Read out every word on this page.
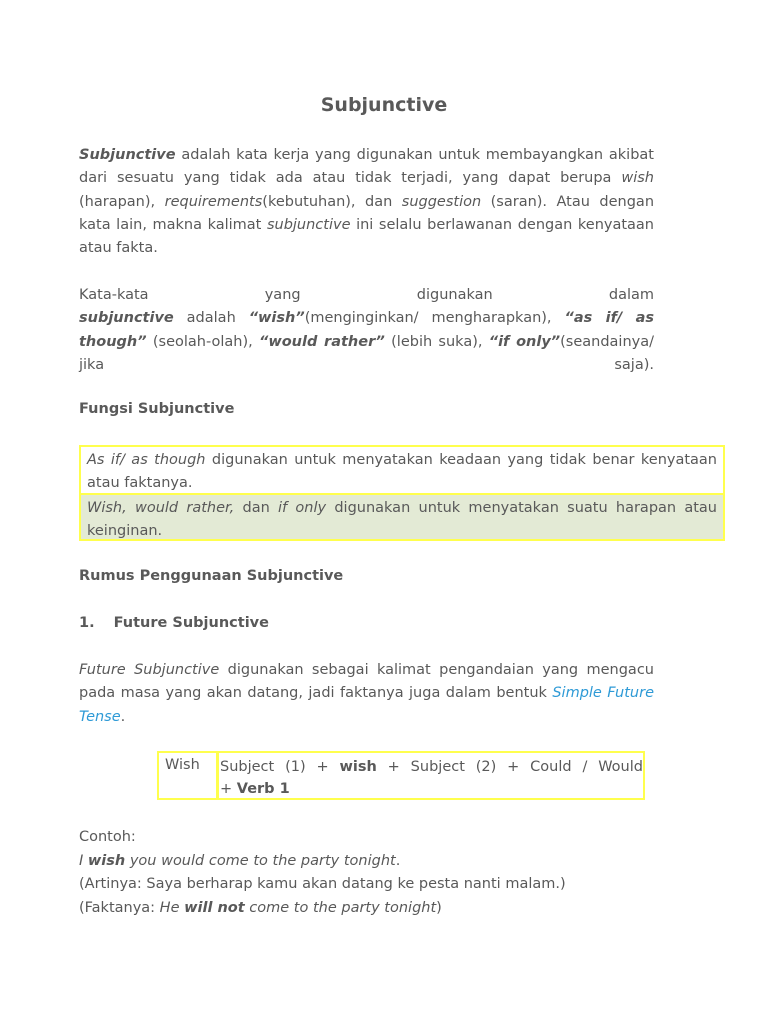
Subjunctive

Subjunctive adalah kata kerja yang digunakan untuk membayangkan akibat dari sesuatu yang tidak ada atau tidak terjadi, yang dapat berupa wish (harapan), requirements(kebutuhan), dan suggestion (saran). Atau dengan kata lain, makna kalimat subjunctive ini selalu berlawanan dengan kenyataan atau fakta.

Kata-kata yang digunakan dalam
subjunctive adalah “wish”(menginginkan/ mengharapkan), “as if/ as though” (seolah-olah), “would rather” (lebih suka), “if only”(seandainya/ jika saja).

Fungsi Subjunctive
As if/ as though digunakan untuk menyatakan keadaan yang tidak benar kenyataan atau faktanya.
Wish, would rather, dan if only digunakan untuk menyatakan suatu harapan atau keinginan.
Rumus Penggunaan Subjunctive
1. Future Subjunctive

Future Subjunctive digunakan sebagai kalimat pengandaian yang mengacu pada masa yang akan datang, jadi faktanya juga dalam bentuk Simple Future Tense.

Wish	Subject (1) + wish + Subject (2) + Could / Would
+ Verb 1
Contoh:
I wish you would come to the party tonight.
(Artinya: Saya berharap kamu akan datang ke pesta nanti malam.)
(Faktanya: He will not come to the party tonight)
